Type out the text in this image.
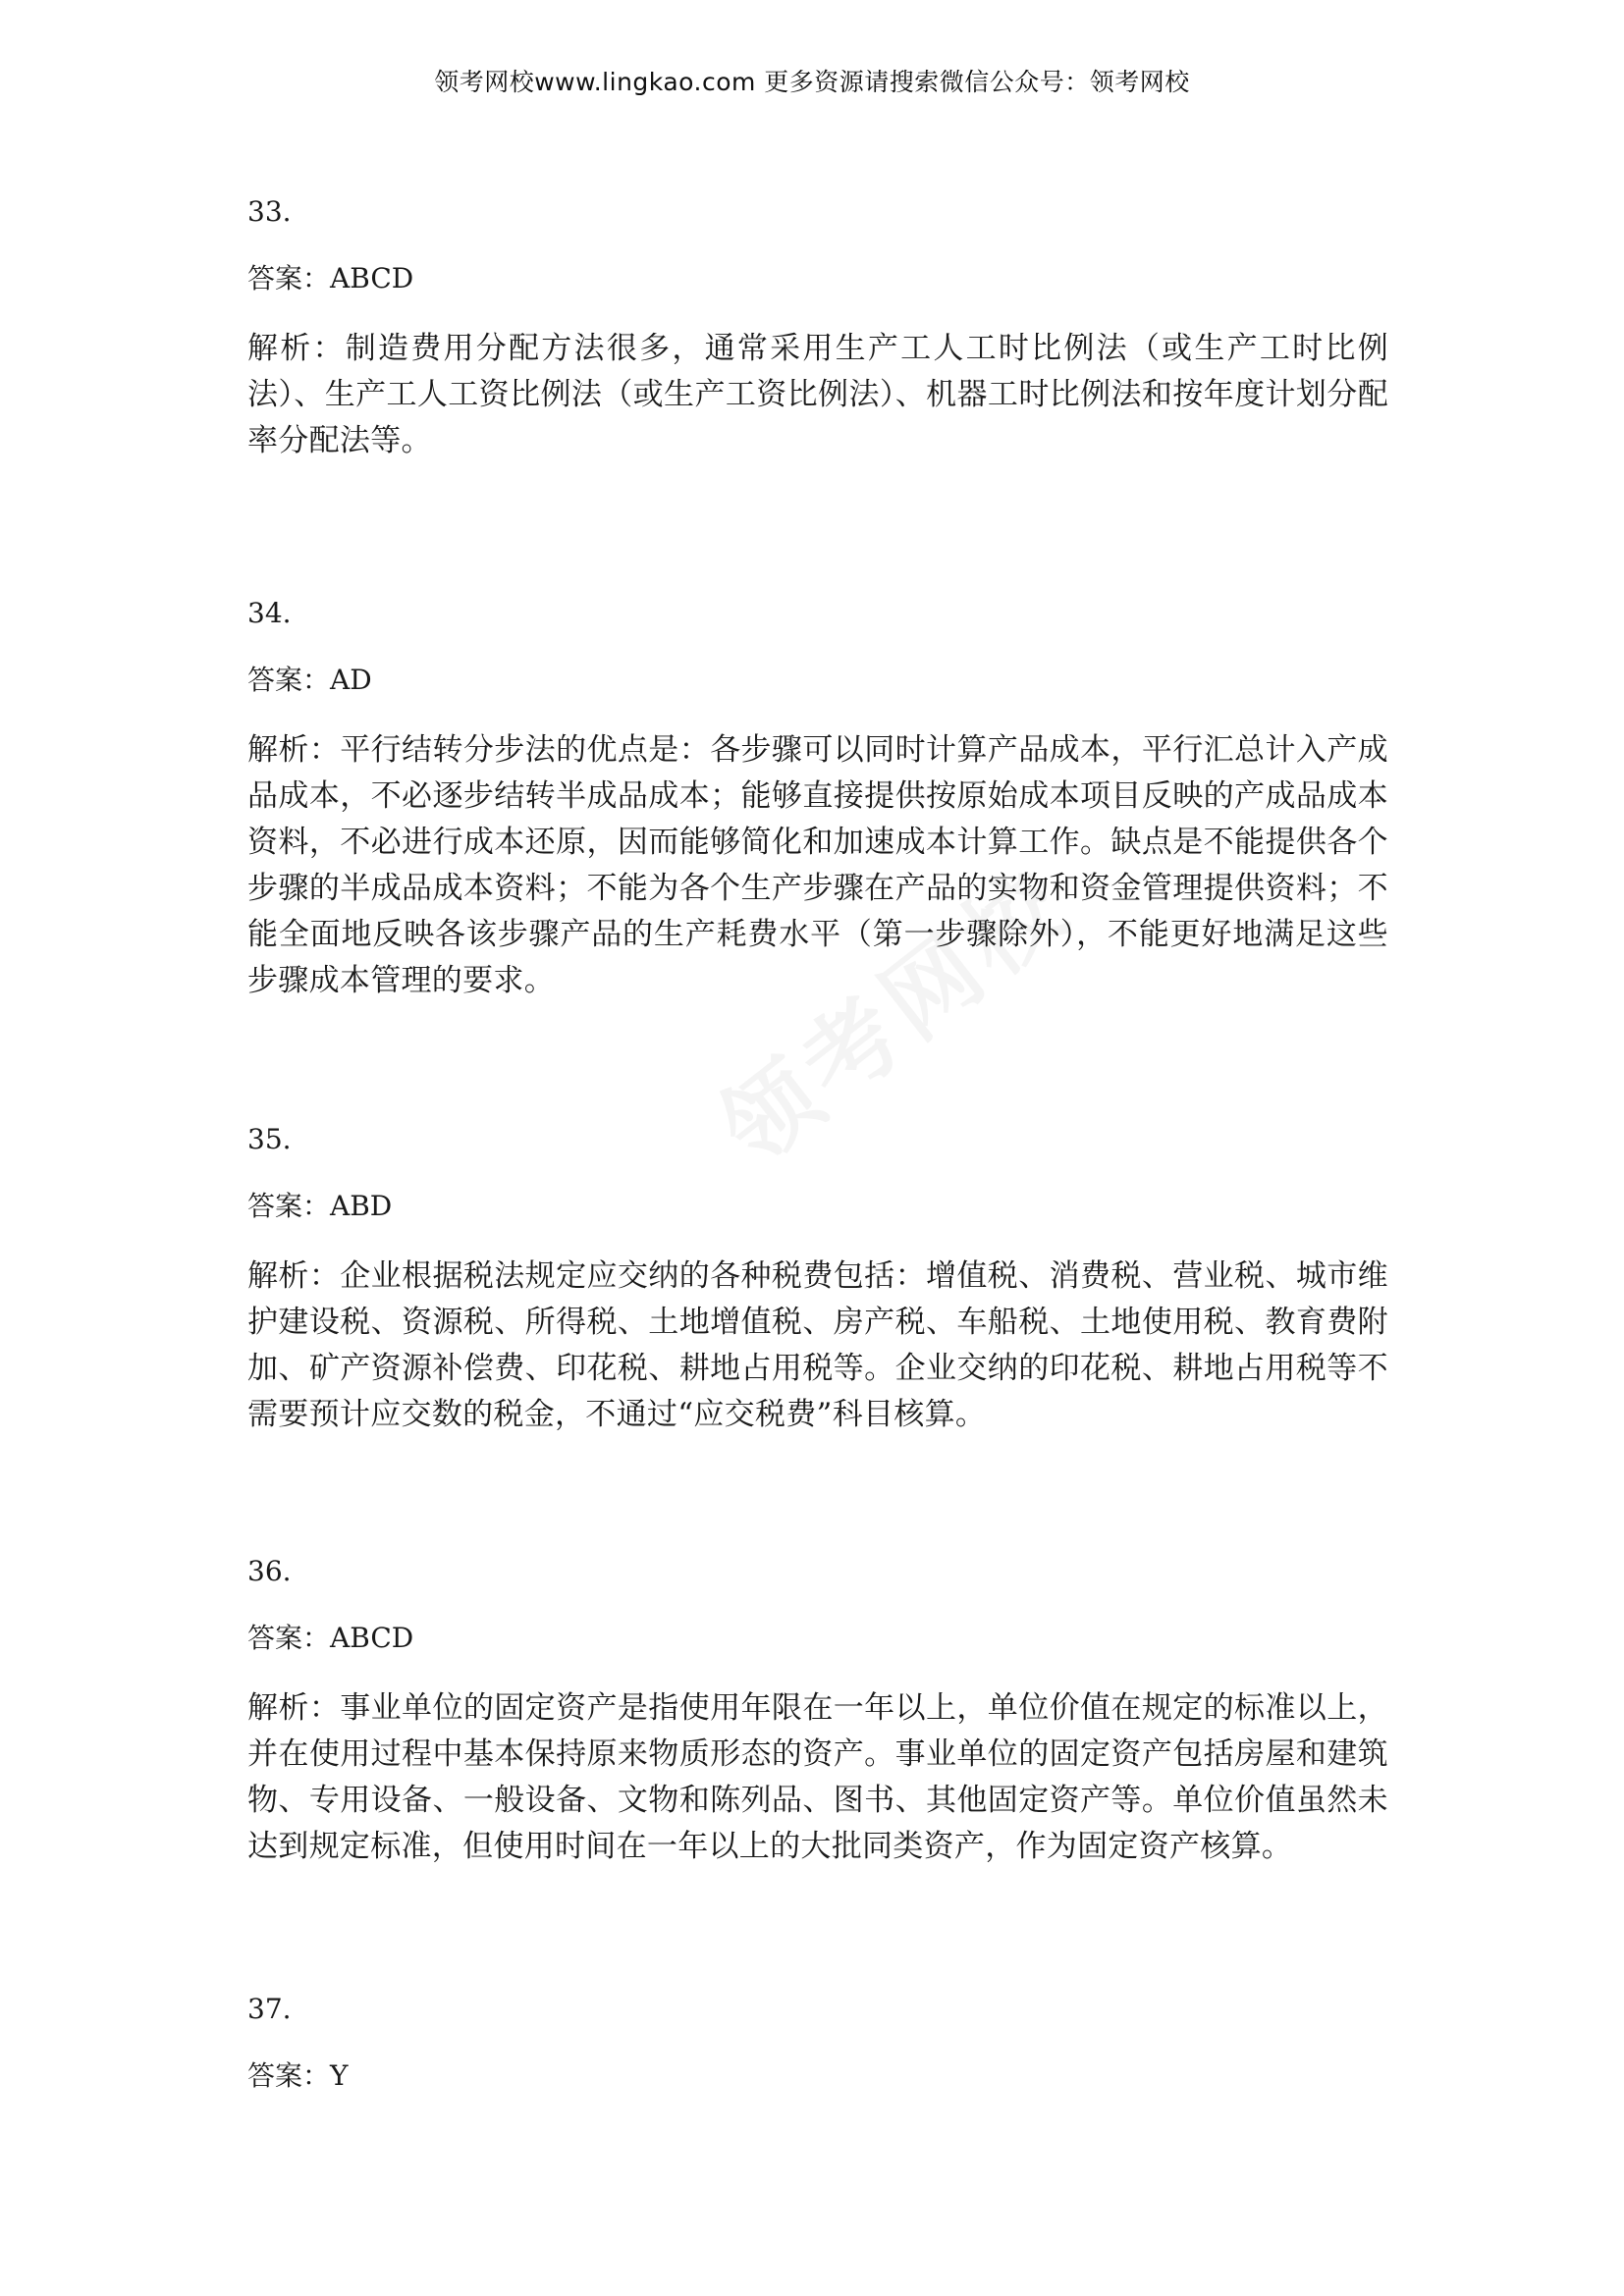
领考网校www.lingkao.com 更多资源请搜索微信公众号：领考网校

33.

答案：ABCD

解析：制造费用分配方法很多，通常采用生产工人工时比例法（或生产工时比例法）、生产工人工资比例法（或生产工资比例法）、机器工时比例法和按年度计划分配率分配法等。

34.

答案：AD

解析：平行结转分步法的优点是：各步骤可以同时计算产品成本，平行汇总计入产成品成本，不必逐步结转半成品成本；能够直接提供按原始成本项目反映的产成品成本资料，不必进行成本还原，因而能够简化和加速成本计算工作。缺点是不能提供各个步骤的半成品成本资料；不能为各个生产步骤在产品的实物和资金管理提供资料；不能全面地反映各该步骤产品的生产耗费水平（第一步骤除外），不能更好地满足这些步骤成本管理的要求。

35.

答案：ABD

解析：企业根据税法规定应交纳的各种税费包括：增值税、消费税、营业税、城市维护建设税、资源税、所得税、土地增值税、房产税、车船税、土地使用税、教育费附加、矿产资源补偿费、印花税、耕地占用税等。企业交纳的印花税、耕地占用税等不需要预计应交数的税金，不通过“应交税费”科目核算。

36.

答案：ABCD

解析：事业单位的固定资产是指使用年限在一年以上，单位价值在规定的标准以上，并在使用过程中基本保持原来物质形态的资产。事业单位的固定资产包括房屋和建筑物、专用设备、一般设备、文物和陈列品、图书、其他固定资产等。单位价值虽然未达到规定标准，但使用时间在一年以上的大批同类资产，作为固定资产核算。

37.

答案：Y
